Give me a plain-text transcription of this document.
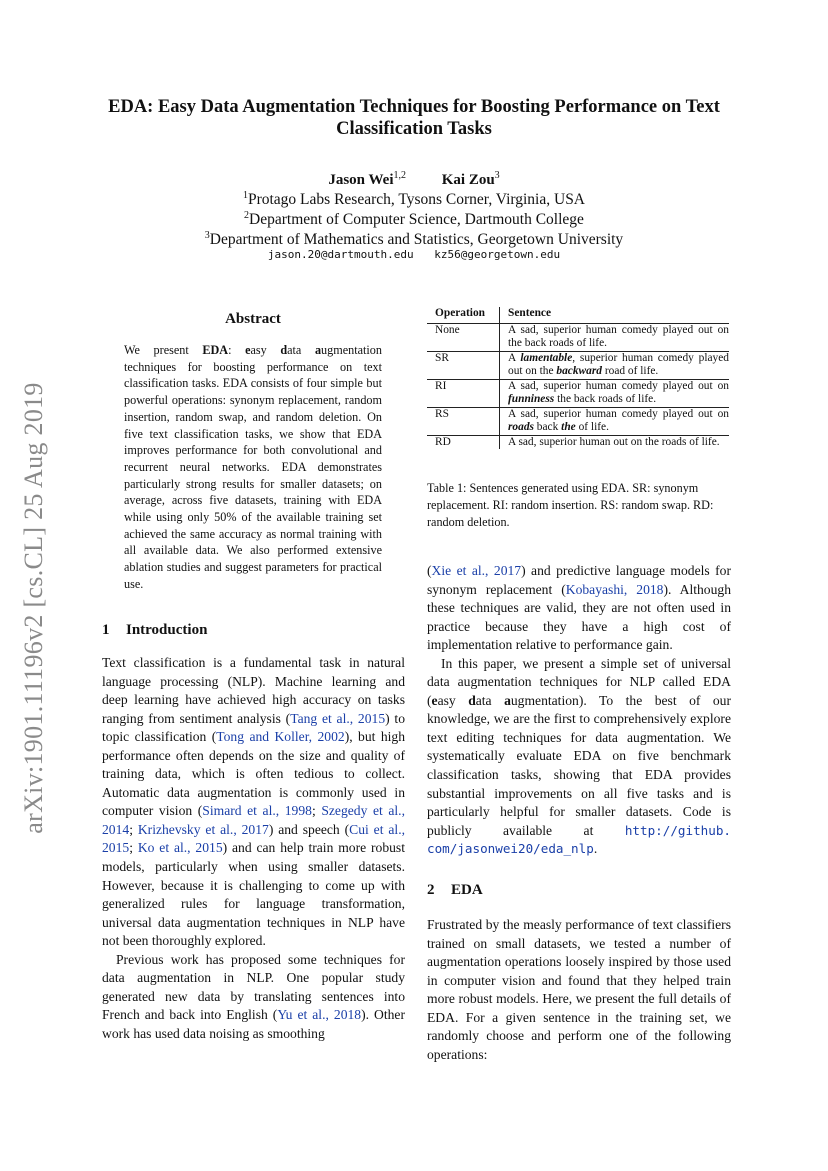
arXiv:1901.11196v2 [cs.CL] 25 Aug 2019
EDA: Easy Data Augmentation Techniques for Boosting Performance on Text Classification Tasks
Jason Wei$^{1,2}$ Kai Zou$^3$
$^1$Protago Labs Research, Tysons Corner, Virginia, USA
$^2$Department of Computer Science, Dartmouth College
$^3$Department of Mathematics and Statistics, Georgetown University
jason.20@dartmouth.edu kz56@georgetown.edu
Abstract
We present EDA: easy data augmentation techniques for boosting performance on text classification tasks. EDA consists of four simple but powerful operations: synonym replacement, random insertion, random swap, and random deletion. On five text classification tasks, we show that EDA improves performance for both convolutional and recurrent neural networks. EDA demonstrates particularly strong results for smaller datasets; on average, across five datasets, training with EDA while using only 50% of the available training set achieved the same accuracy as normal training with all available data. We also performed extensive ablation studies and suggest parameters for practical use.
1 Introduction

Text classification is a fundamental task in natural language processing (NLP). Machine learning and deep learning have achieved high accuracy on tasks ranging from sentiment analysis (Tang et al., 2015) to topic classification (Tong and Koller, 2002), but high performance often depends on the size and quality of training data, which is often tedious to collect. Automatic data augmentation is commonly used in computer vision (Simard et al., 1998; Szegedy et al., 2014; Krizhevsky et al., 2017) and speech (Cui et al., 2015; Ko et al., 2015) and can help train more robust models, particularly when using smaller datasets. However, because it is challenging to come up with generalized rules for language transformation, universal data augmentation techniques in NLP have not been thoroughly explored.

Previous work has proposed some techniques for data augmentation in NLP. One popular study generated new data by translating sentences into French and back into English (Yu et al., 2018). Other work has used data noising as smoothing

Operation	Sentence
None	A sad, superior human comedy played out on the back roads of life.
SR	A lamentable, superior human comedy played out on the backward road of life.
RI	A sad, superior human comedy played out on funniness the back roads of life.
RS	A sad, superior human comedy played out on roads back the of life.
RD	A sad, superior human out on the roads of life.
Table 1: Sentences generated using EDA. SR: synonym replacement. RI: random insertion. RS: random swap. RD: random deletion.

(Xie et al., 2017) and predictive language models for synonym replacement (Kobayashi, 2018). Although these techniques are valid, they are not often used in practice because they have a high cost of implementation relative to performance gain.

In this paper, we present a simple set of universal data augmentation techniques for NLP called EDA (easy data augmentation). To the best of our knowledge, we are the first to comprehensively explore text editing techniques for data augmentation. We systematically evaluate EDA on five benchmark classification tasks, showing that EDA provides substantial improvements on all five tasks and is particularly helpful for smaller datasets. Code is publicly available at http://github. com/jasonwei20/eda_nlp.

2 EDA
Frustrated by the measly performance of text classifiers trained on small datasets, we tested a number of augmentation operations loosely inspired by those used in computer vision and found that they helped train more robust models. Here, we present the full details of EDA. For a given sentence in the training set, we randomly choose and perform one of the following operations:
